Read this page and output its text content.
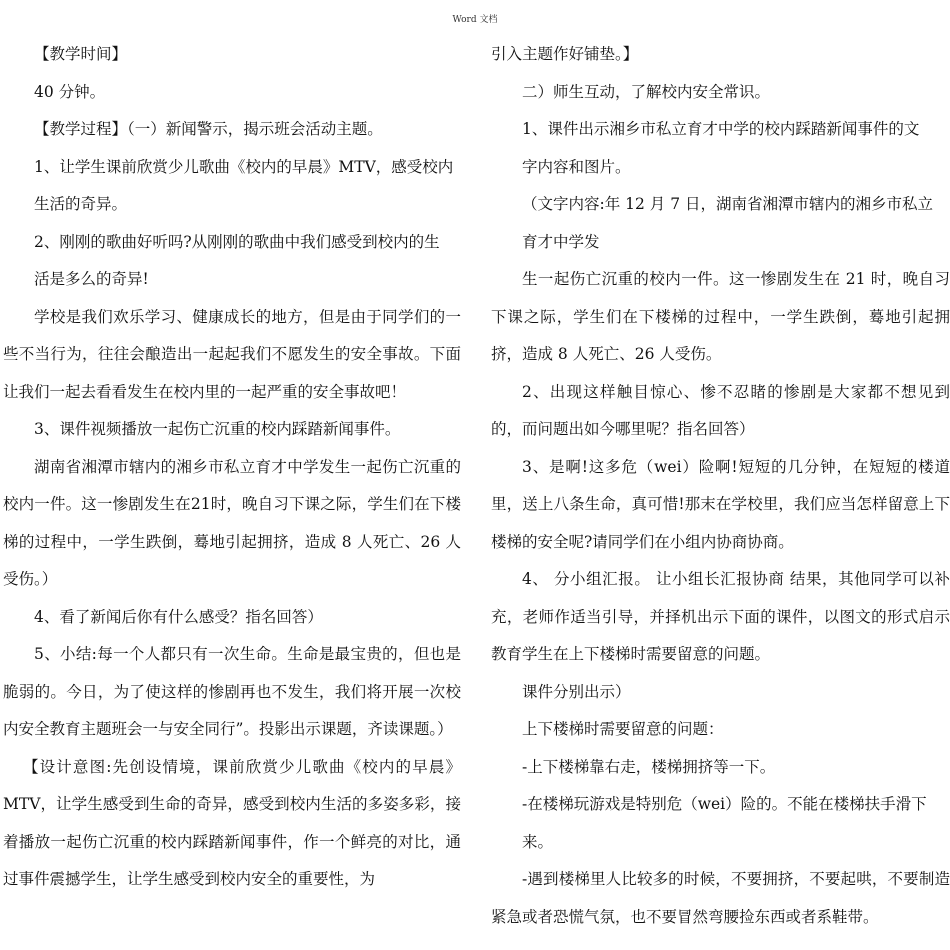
Word 文档

【教学时间】

40 分钟。

【教学过程】（一）新闻警示，揭示班会活动主题。

1、让学生课前欣赏少儿歌曲《校内的早晨》MTV，感受校内

生活的奇异。

2、刚刚的歌曲好听吗?从刚刚的歌曲中我们感受到校内的生

活是多么的奇异!

学校是我们欢乐学习、健康成长的地方，但是由于同学们的一些不当行为，往往会酿造出一起起我们不愿发生的安全事故。下面让我们一起去看看发生在校内里的一起严重的安全事故吧！

3、课件视频播放一起伤亡沉重的校内踩踏新闻事件。

湖南省湘潭市辖内的湘乡市私立育才中学发生一起伤亡沉重的校内一件。这一惨剧发生在21时，晚自习下课之际，学生们在下楼梯的过程中，一学生跌倒，蓦地引起拥挤，造成 8 人死亡、26 人受伤。）

4、看了新闻后你有什么感受？指名回答）

5、小结:每一个人都只有一次生命。生命是最宝贵的，但也是脆弱的。今日，为了使这样的惨剧再也不发生，我们将开展一次校内安全教育主题班会一与安全同行”。投影出示课题，齐读课题。）

【设计意图:先创设情境，课前欣赏少儿歌曲《校内的早晨》MTV，让学生感受到生命的奇异，感受到校内生活的多姿多彩，接着播放一起伤亡沉重的校内踩踏新闻事件，作一个鲜亮的对比，通过事件震撼学生，让学生感受到校内安全的重要性，为

引入主题作好铺垫。】

二）师生互动，了解校内安全常识。

1、课件出示湘乡市私立育才中学的校内踩踏新闻事件的文

字内容和图片。

（文字内容:年 12 月 7 日，湖南省湘潭市辖内的湘乡市私立

育才中学发

生一起伤亡沉重的校内一件。这一惨剧发生在 21 时，晚自习下课之际，学生们在下楼梯的过程中，一学生跌倒，蓦地引起拥挤，造成 8 人死亡、26 人受伤。

2、出现这样触目惊心、惨不忍睹的惨剧是大家都不想见到的，而问题出如今哪里呢？指名回答）

3、是啊!这多危（wei）险啊!短短的几分钟，在短短的楼道里，送上八条生命，真可惜!那末在学校里，我们应当怎样留意上下楼梯的安全呢?请同学们在小组内协商协商。

4、 分小组汇报。 让小组长汇报协商 结果，其他同学可以补充，老师作适当引导，并择机出示下面的课件，以图文的形式启示教育学生在上下楼梯时需要留意的问题。

课件分别出示）

上下楼梯时需要留意的问题：

-上下楼梯靠右走，楼梯拥挤等一下。

-在楼梯玩游戏是特别危（wei）险的。不能在楼梯扶手滑下

来。

-遇到楼梯里人比较多的时候，不要拥挤，不要起哄，不要制造紧急或者恐慌气氛，也不要冒然弯腰捡东西或者系鞋带。
